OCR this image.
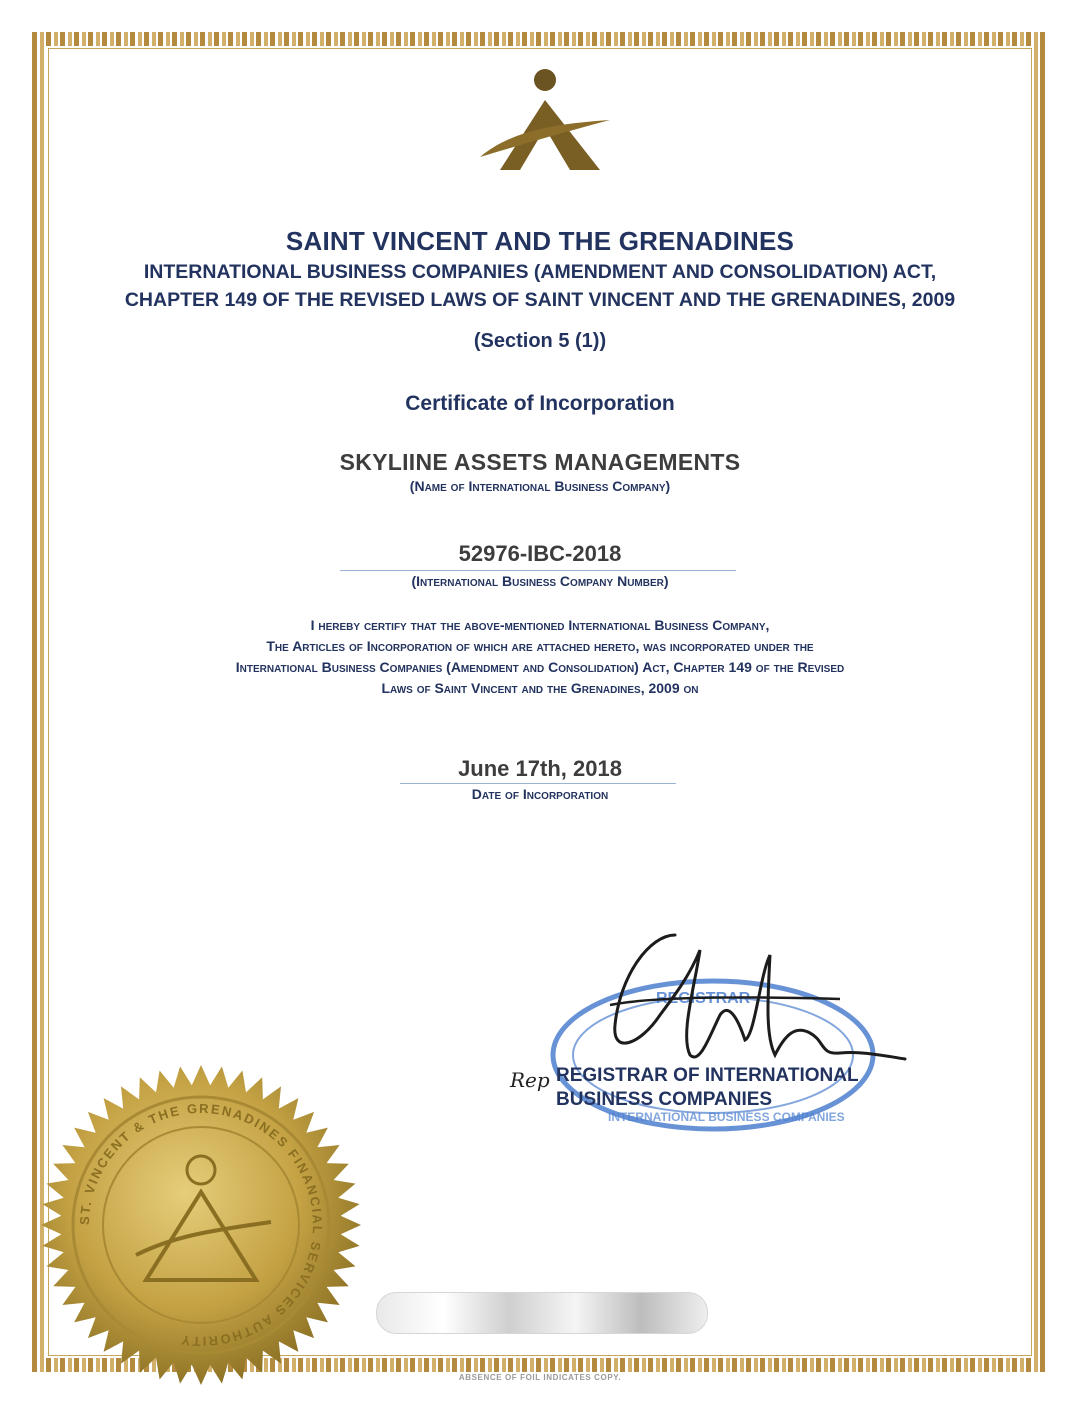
SAINT VINCENT AND THE GRENADINES
INTERNATIONAL BUSINESS COMPANIES (AMENDMENT AND CONSOLIDATION) ACT,
CHAPTER 149 OF THE REVISED LAWS OF SAINT VINCENT AND THE GRENADINES, 2009
(Section 5 (1))
Certificate of Incorporation
SKYLIINE ASSETS MANAGEMENTS
(Name of International Business Company)
52976-IBC-2018
(International Business Company Number)
I hereby certify that the above-mentioned International Business Company,
The Articles of Incorporation of which are attached hereto, was incorporated under the
International Business Companies (Amendment and Consolidation) Act, Chapter 149 of the Revised
Laws of Saint Vincent and the Grenadines, 2009 on
June 17th, 2018
Date of Incorporation
REGISTRAR
INTERNATIONAL BUSINESS COMPANIES
Rep REGISTRAR OF INTERNATIONAL
BUSINESS COMPANIES
ST. VINCENT & THE GRENADINES FINANCIAL SERVICES AUTHORITY
ABSENCE OF FOIL INDICATES COPY.
